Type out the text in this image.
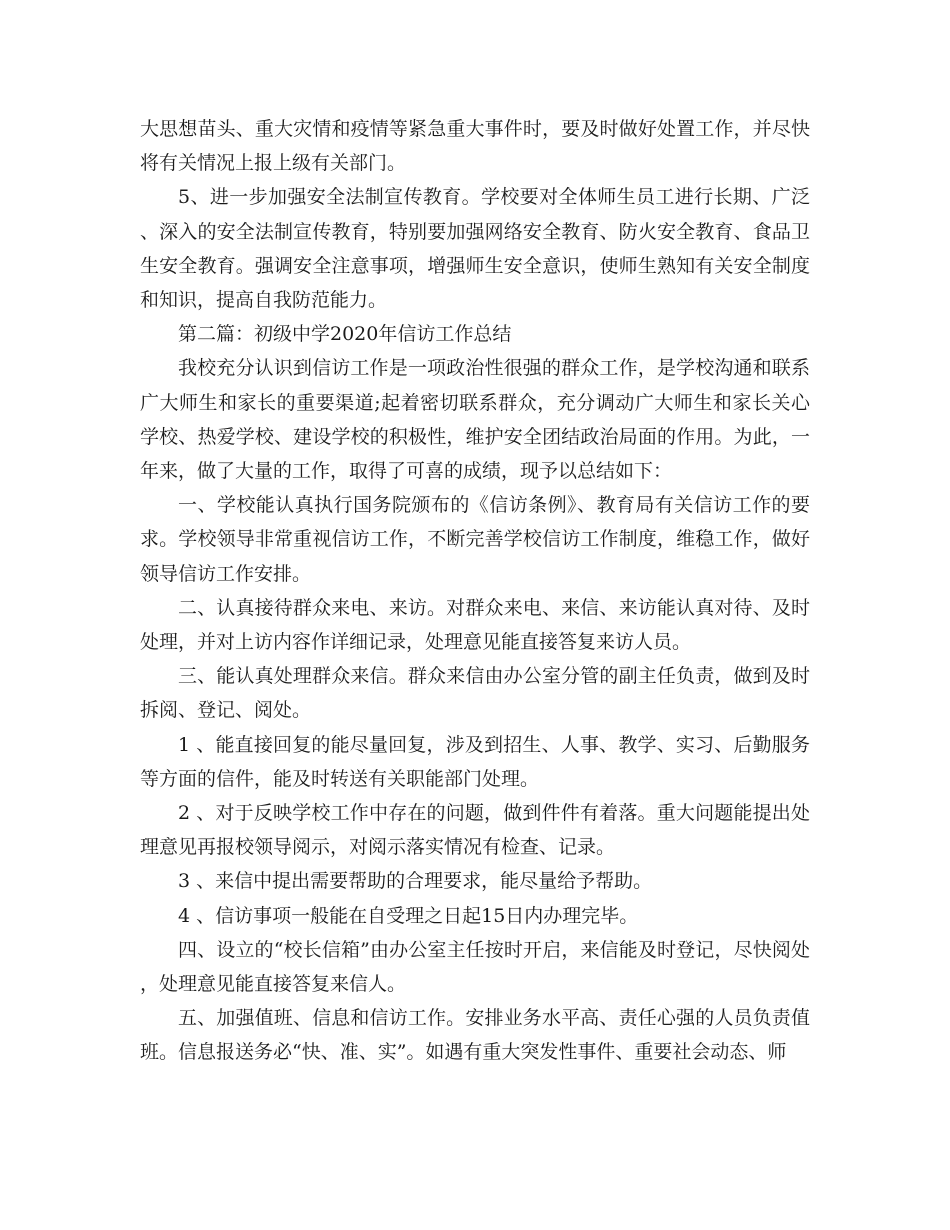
大思想苗头、重大灾情和疫情等紧急重大事件时，要及时做好处置工作，并尽快将有关情况上报上级有关部门。

5、进一步加强安全法制宣传教育。学校要对全体师生员工进行长期、广泛、深入的安全法制宣传教育，特别要加强网络安全教育、防火安全教育、食品卫生安全教育。强调安全注意事项，增强师生安全意识，使师生熟知有关安全制度和知识，提高自我防范能力。

第二篇：初级中学2020年信访工作总结

我校充分认识到信访工作是一项政治性很强的群众工作，是学校沟通和联系广大师生和家长的重要渠道;起着密切联系群众，充分调动广大师生和家长关心学校、热爱学校、建设学校的积极性，维护安全团结政治局面的作用。为此，一年来，做了大量的工作，取得了可喜的成绩，现予以总结如下：

一、学校能认真执行国务院颁布的《信访条例》、教育局有关信访工作的要求。学校领导非常重视信访工作，不断完善学校信访工作制度，维稳工作，做好领导信访工作安排。

二、认真接待群众来电、来访。对群众来电、来信、来访能认真对待、及时处理，并对上访内容作详细记录，处理意见能直接答复来访人员。

三、能认真处理群众来信。群众来信由办公室分管的副主任负责，做到及时拆阅、登记、阅处。

1 、能直接回复的能尽量回复，涉及到招生、人事、教学、实习、后勤服务等方面的信件，能及时转送有关职能部门处理。

2 、对于反映学校工作中存在的问题，做到件件有着落。重大问题能提出处理意见再报校领导阅示，对阅示落实情况有检查、记录。

3 、来信中提出需要帮助的合理要求，能尽量给予帮助。

4 、信访事项一般能在自受理之日起15日内办理完毕。

四、设立的“校长信箱”由办公室主任按时开启，来信能及时登记，尽快阅处，处理意见能直接答复来信人。

五、加强值班、信息和信访工作。安排业务水平高、责任心强的人员负责值班。信息报送务必“快、准、实”。如遇有重大突发性事件、重要社会动态、师
